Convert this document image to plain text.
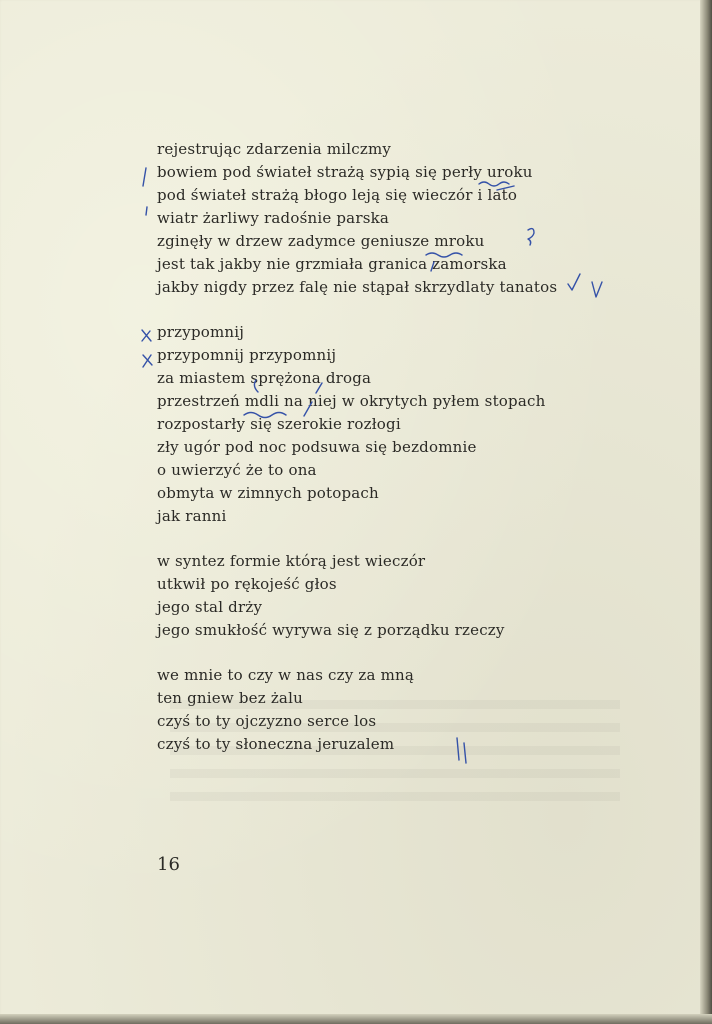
rejestrując zdarzenia milczmy
bowiem pod świateł strażą sypią się perły uroku
pod świateł strażą błogo leją się wieczór i lato
wiatr żarliwy radośnie parska
zginęły w drzew zadymce geniusze mroku
jest tak jakby nie grzmiała granica zamorska
jakby nigdy przez falę nie stąpał skrzydlaty tanatos
przypomnij
przypomnij przypomnij
za miastem sprężona droga
przestrzeń mdli na niej w okrytych pyłem stopach
rozpostarły się szerokie rozłogi
zły ugór pod noc podsuwa się bezdomnie
o uwierzyć że to ona
obmyta w zimnych potopach
jak ranni
w syntez formie którą jest wieczór
utkwił po rękojeść głos
jego stal drży
jego smukłość wyrywa się z porządku rzeczy
we mnie to czy w nas czy za mną
ten gniew bez żalu
czyś to ty ojczyzno serce los
czyś to ty słoneczna jeruzalem
16
